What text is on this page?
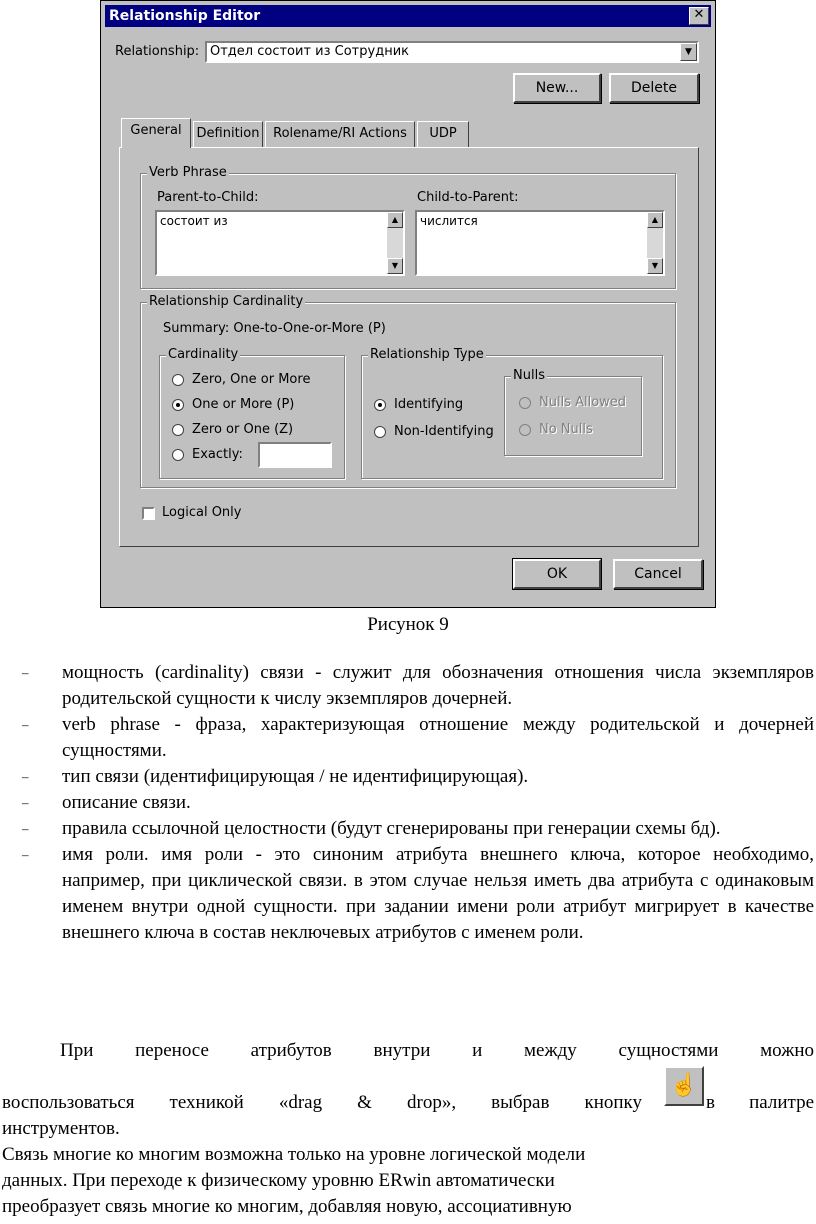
Relationship Editor	✕
Relationship: Отдел состоит из Сотрудник	▼
New...	Delete
General	Definition	Rolename/RI Actions	UDP
Verb Phrase
Parent-to-Child:
состоит из	▲
▼
Child-to-Parent:
числится	▲
▼
Relationship Cardinality
Summary: One-to-One-or-More (P)
Cardinality
Zero, One or More
One or More (P)
Zero or One (Z)
Exactly:
Relationship Type
Identifying
Non-Identifying
Nulls
Nulls Allowed
No Nulls
Logical Only
OK	Cancel
Рисунок 9
– мощность (cardinality) связи - служит для обозначения отношения числа экземпляров родительской сущности к числу экземпляров дочерней.
– verb phrase - фраза, характеризующая отношение между родительской и дочерней сущностями.
– тип связи (идентифицирующая / не идентифицирующая).
– описание связи.
– правила ссылочной целостности (будут сгенерированы при генерации схемы бд).
– имя роли. имя роли - это синоним атрибута внешнего ключа, которое необходимо, например, при циклической связи. в этом случае нельзя иметь два атрибута с одинаковым именем внутри одной сущности. при задании имени роли атрибут мигрирует в качестве внешнего ключа в состав неключевых атрибутов с именем роли.
При переносе атрибутов внутри и между сущностями можно
воспользоваться техникой «drag & drop», выбрав кнопку	в палитре
☝
инструментов.
Связь многие ко многим возможна только на уровне логической модели
данных. При переходе к физическому уровню ERwin автоматически
преобразует связь многие ко многим, добавляя новую, ассоциативную
